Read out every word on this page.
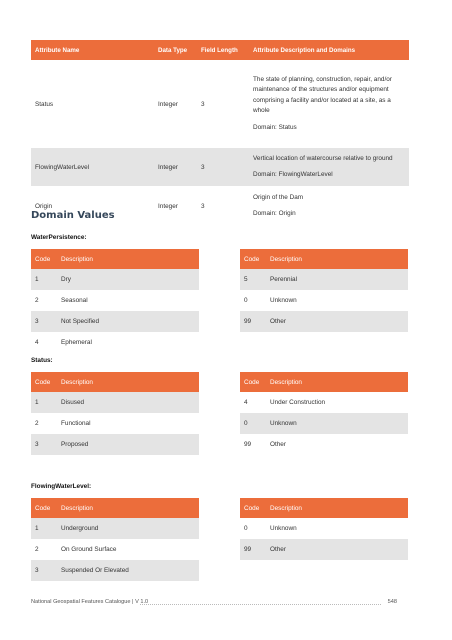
Attribute Name	Data Type	Field Length	Attribute Description and Domains
Status	Integer	3	The state of planning, construction, repair, and/or
maintenance of the structures and/or equipment
comprising a facility and/or located at a site, as a
whole
Domain: Status

FlowingWaterLevel	Integer	3	Vertical location of watercourse relative to ground
Domain: FlowingWaterLevel

Origin	Integer	3	Origin of the Dam
Domain: Origin
Domain Values
WaterPersistence:
Code	Description
1	Dry
2	Seasonal
3	Not Specified
4	Ephemeral
Code	Description
5	Perennial
0	Unknown
99	Other
Status:
Code	Description
1	Disused
2	Functional
3	Proposed
Code	Description
4	Under Construction
0	Unknown
99	Other
FlowingWaterLevel:
Code	Description
1	Underground
2	On Ground Surface
3	Suspended Or Elevated
Code	Description
0	Unknown
99	Other
National Geospatial Features Catalogue | V 1.0	548
